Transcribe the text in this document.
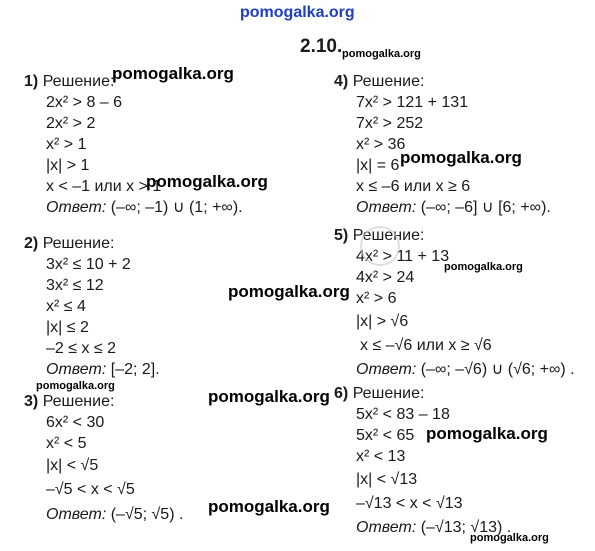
pomogalka.org
2.10.
1) Решение:
2x² > 8 – 6
2x² > 2
x² > 1
|x| > 1
x < –1 или x > 1
Ответ: (–∞; –1) ∪ (1; +∞).
2) Решение:
3x² ≤ 10 + 2
3x² ≤ 12
x² ≤ 4
|x| ≤ 2
–2 ≤ x ≤ 2
Ответ: [–2; 2].
3) Решение:
6x² < 30
x² < 5
|x| < √5
–√5 < x < √5
Ответ: (–√5; √5) .
4) Решение:
7x² > 121 + 131
7x² > 252
x² > 36
|x| = 6
x ≤ –6 или x ≥ 6
Ответ: (–∞; –6] ∪ [6; +∞).
5) Решение:
4x² > 11 + 13
4x² > 24
x² > 6
|x| > √6
x ≤ –√6 или x ≥ √6
Ответ: (–∞; –√6) ∪ (√6; +∞) .
6) Решение:
5x² < 83 – 18
5x² < 65
x² < 13
|x| < √13
–√13 < x < √13
Ответ: (–√13; √13) .
pomogalka.org
pomogalka.org
pomogalka.org
pomogalka.org
pomogalka.org
pomogalka.org
pomogalka.org
pomogalka.org
pomogalka.org
pomogalka.org
pomogalka.org
